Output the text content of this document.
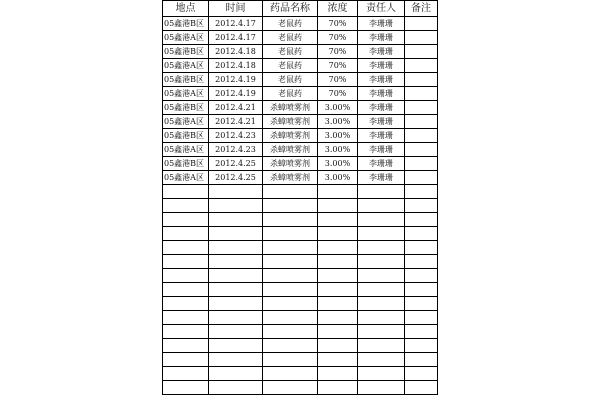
地点	时间	药品名称	浓度	责任人	备注
05鑫港B区	2012.4.17	老鼠药	70%	李珊珊	
05鑫港A区	2012.4.17	老鼠药	70%	李珊珊	
05鑫港B区	2012.4.18	老鼠药	70%	李珊珊	
05鑫港A区	2012.4.18	老鼠药	70%	李珊珊	
05鑫港B区	2012.4.19	老鼠药	70%	李珊珊	
05鑫港A区	2012.4.19	老鼠药	70%	李珊珊	
05鑫港B区	2012.4.21	杀蟑喷雾剂	3.00%	李珊珊	
05鑫港A区	2012.4.21	杀蟑喷雾剂	3.00%	李珊珊	
05鑫港B区	2012.4.23	杀蟑喷雾剂	3.00%	李珊珊	
05鑫港A区	2012.4.23	杀蟑喷雾剂	3.00%	李珊珊	
05鑫港B区	2012.4.25	杀蟑喷雾剂	3.00%	李珊珊	
05鑫港A区	2012.4.25	杀蟑喷雾剂	3.00%	李珊珊	
